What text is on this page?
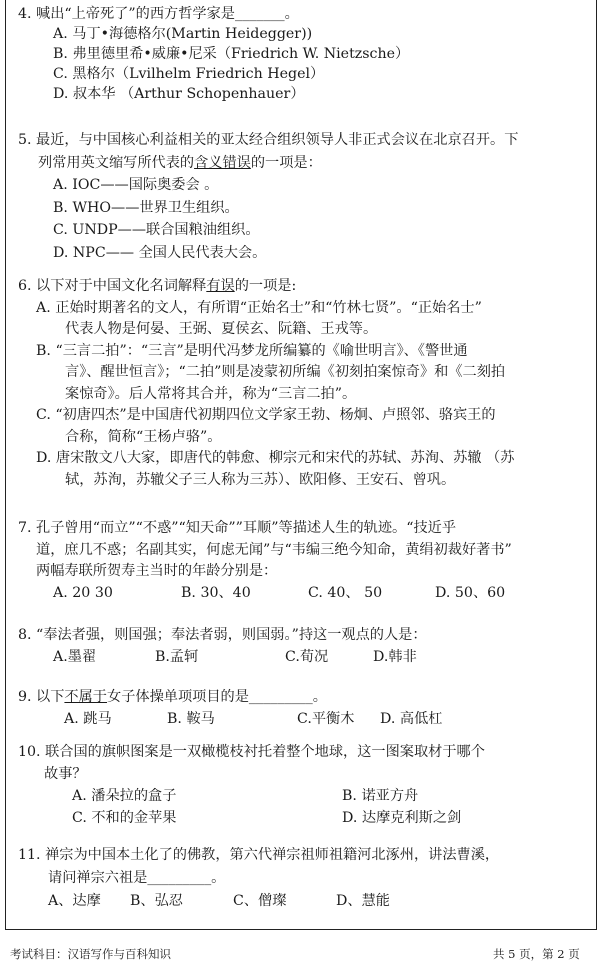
4. 喊出“上帝死了”的西方哲学家是_______。
A. 马丁•海德格尔(Martin Heidegger))
B. 弗里德里希•威廉•尼采（Friedrich W. Nietzsche）
C. 黑格尔（Lvilhelm Friedrich Hegel）
D. 叔本华 （Arthur Schopenhauer）
5. 最近，与中国核心利益相关的亚太经合组织领导人非正式会议在北京召开。下
列常用英文缩写所代表的含义错误的一项是：
A. IOC——国际奥委会 。
B. WHO——世界卫生组织。
C. UNDP——联合国粮油组织。
D. NPC—— 全国人民代表大会。
6. 以下对于中国文化名词解释有误的一项是:
A. 正始时期著名的文人，有所谓“正始名士”和“竹林七贤”。“正始名士”
代表人物是何晏、王弼、夏侯玄、阮籍、王戎等。
B. “三言二拍”：“三言”是明代冯梦龙所编纂的《喻世明言》、《警世通
言》、醒世恒言》；“二拍”则是凌蒙初所编《初刻拍案惊奇》和《二刻拍
案惊奇》。后人常将其合并，称为“三言二拍”。
C. “初唐四杰”是中国唐代初期四位文学家王勃、杨炯、卢照邻、骆宾王的
合称，简称“王杨卢骆”。
D. 唐宋散文八大家，即唐代的韩愈、柳宗元和宋代的苏轼、苏洵、苏辙 （苏
轼，苏洵，苏辙父子三人称为三苏）、欧阳修、王安石、曾巩。
7. 孔子曾用“而立”“不惑”“知天命””耳顺”等描述人生的轨迹。“技近乎
道，庶几不惑；名副其实，何虑无闻”与“韦编三绝今知命，黄绢初裁好著书”
两幅寿联所贺寿主当时的年龄分别是：
A. 20 30	B. 30、40	C. 40、 50	D. 50、60
8. “奉法者强，则国强；奉法者弱，则国弱。”持这一观点的人是：
A.墨翟	B.孟轲	C.荀况	D.韩非
9. 以下不属于女子体操单项项目的是_________。
A. 跳马	B. 鞍马	C.平衡木	D. 高低杠
10. 联合国的旗帜图案是一双橄榄枝衬托着整个地球，这一图案取材于哪个
故事？
A. 潘朵拉的盒子	B. 诺亚方舟
C. 不和的金苹果	D. 达摩克利斯之剑
11. 禅宗为中国本土化了的佛教，第六代禅宗祖师祖籍河北涿州，讲法曹溪，
请问禅宗六祖是_________。
A、达摩	B、弘忍	C、僧璨	D、慧能
考试科目：汉语写作与百科知识	共 5 页，第 2 页
